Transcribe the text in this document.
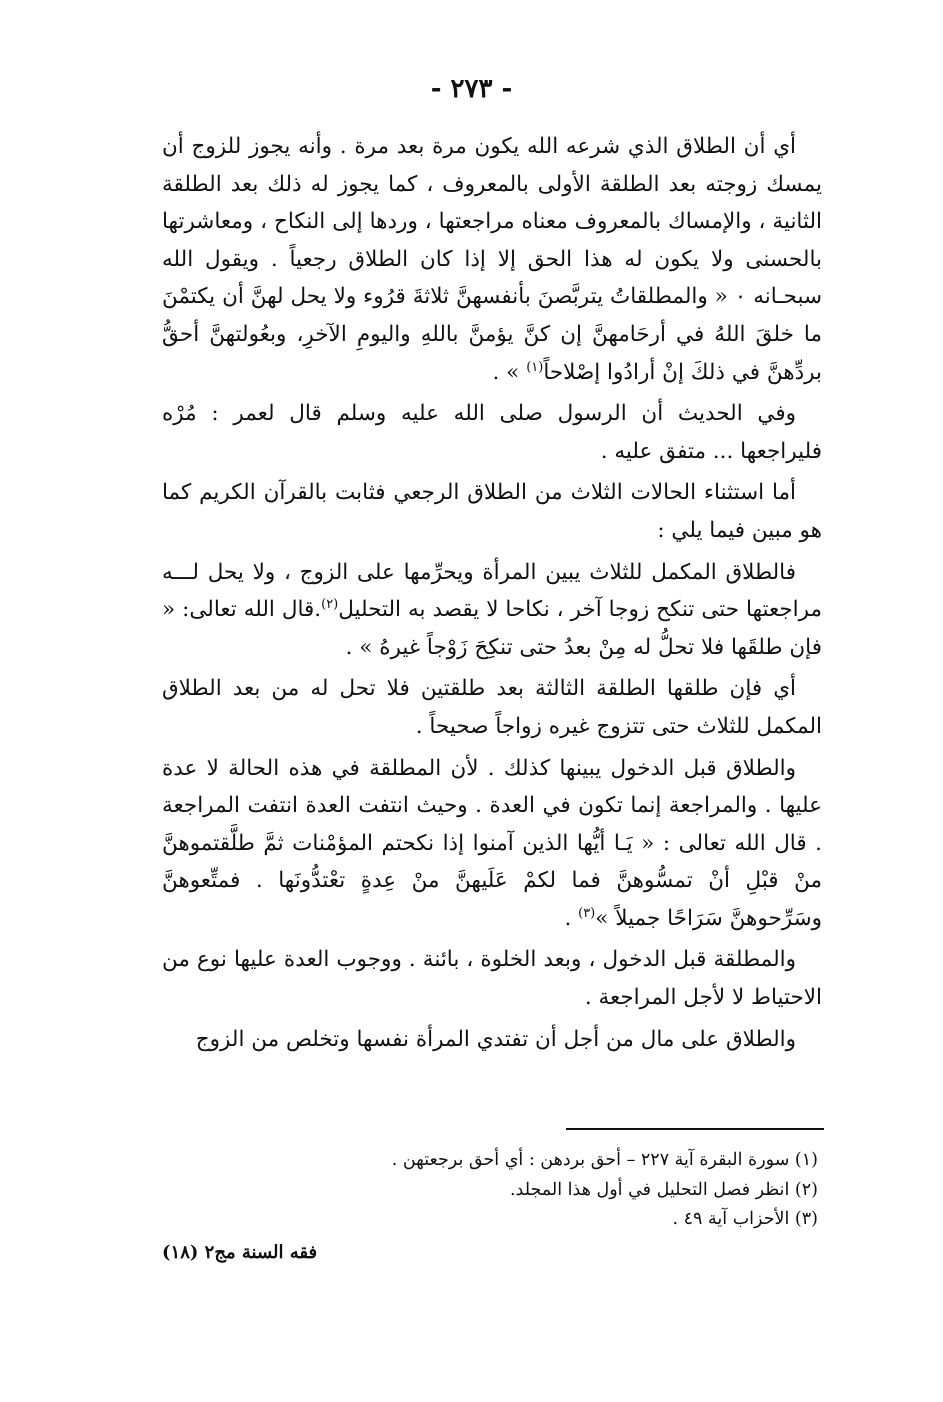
- ٢٧٣ -

أي أن الطلاق الذي شرعه الله يكون مرة بعد مرة . وأنه يجوز للزوج أن يمسك زوجته بعد الطلقة الأولى بالمعروف ، كما يجوز له ذلك بعد الطلقة الثانية ، والإمساك بالمعروف معناه مراجعتها ، وردها إلى النكاح ، ومعاشرتها بالحسنى ولا يكون له هذا الحق إلا إذا كان الطلاق رجعياً . ويقول الله سبحـانه ٠ « والمطلقاتُ يتربَّصنَ بأنفسهنَّ ثلاثةَ قرُوء ولا يحل لهنَّ أن يكتمْنَ ما خلقَ اللهُ في أرحَامهنَّ إن كنَّ يؤمنَّ باللهِ واليومِ الآخرِ، وبعُولتهنَّ أحقُّ بردِّهنَّ في ذلكَ إنْ أرادُوا إصْلاحاً$^{(١)}$ » .

وفي الحديث أن الرسول صلى الله عليه وسلم قال لعمر : مُرْه فليراجعها ... متفق عليه .

أما استثناء الحالات الثلاث من الطلاق الرجعي فثابت بالقرآن الكريم كما هو مبين فيما يلي :

فالطلاق المكمل للثلاث يبين المرأة ويحرِّمها على الزوج ، ولا يحل لـــه مراجعتها حتى تنكح زوجا آخر ، نكاحا لا يقصد به التحليل$^{(٢)}$.قال الله تعالى: « فإن طلقَها فلا تحلُّ له مِنْ بعدُ حتى تنكِحَ زَوْجاً غيرهُ » .

أي فإن طلقها الطلقة الثالثة بعد طلقتين فلا تحل له من بعد الطلاق المكمل للثلاث حتى تتزوج غيره زواجاً صحيحاً .

والطلاق قبل الدخول يبينها كذلك . لأن المطلقة في هذه الحالة لا عدة عليها . والمراجعة إنما تكون في العدة . وحيث انتفت العدة انتفت المراجعة . قال الله تعالى : « يَـا أيُّها الذين آمنوا إذا نكحتم المؤمْنات ثمَّ طلَّقتموهنَّ منْ قبْلِ أنْ تمسُّوهنَّ فما لكمْ عَلَيهنَّ منْ عِدةٍ تعْتدُّونَها . فمتِّعوهنَّ وسَرِّحوهنَّ سَرَاحًا جميلاً »$^{(٣)}$ .

والمطلقة قبل الدخول ، وبعد الخلوة ، بائنة . ووجوب العدة عليها نوع من الاحتياط لا لأجل المراجعة .

والطلاق على مال من أجل أن تفتدي المرأة نفسها وتخلص من الزوج

(١) سورة البقرة آية ٢٢٧ – أحق بردهن : أي أحق برجعتهن .

(٢) انظر فصل التحليل في أول هذا المجلد.

(٣) الأحزاب آية ٤٩ .

فقه السنة مج٢ (١٨)
